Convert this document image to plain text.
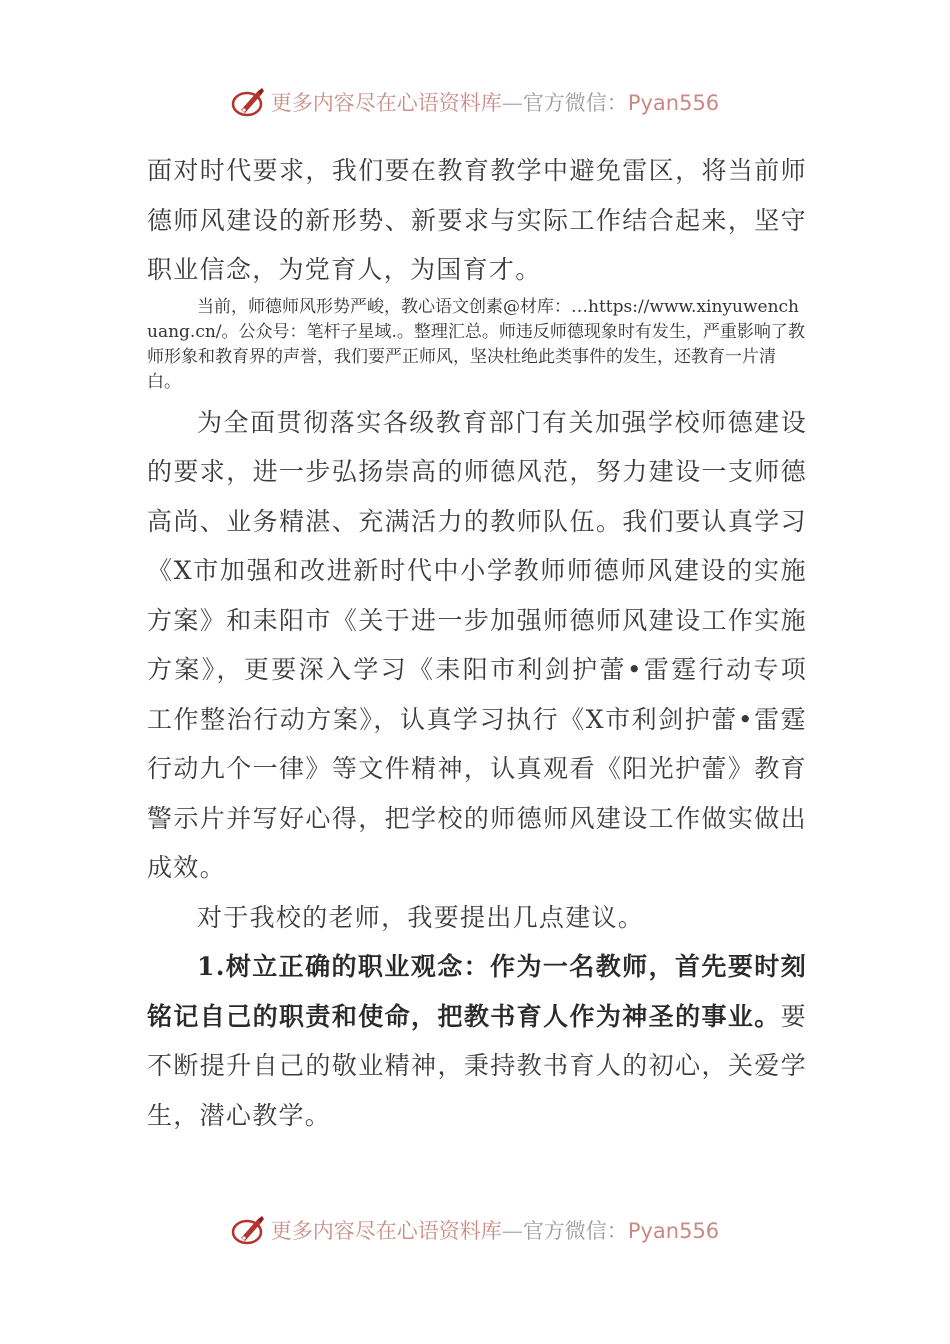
更多内容尽在心语资料库—官方微信：Pyan556

面对时代要求，我们要在教育教学中避免雷区，将当前师德师风建设的新形势、新要求与实际工作结合起来，坚守职业信念，为党育人，为国育才。

当前，师德师风形势严峻，教心语文创素@材库：…https://www.xinyuwenchuang.cn/。公众号：笔杆子星域.。整理汇总。师违反师德现象时有发生，严重影响了教师形象和教育界的声誉，我们要严正师风，坚决杜绝此类事件的发生，还教育一片清白。

为全面贯彻落实各级教育部门有关加强学校师德建设的要求，进一步弘扬崇高的师德风范，努力建设一支师德高尚、业务精湛、充满活力的教师队伍。我们要认真学习《X市加强和改进新时代中小学教师师德师风建设的实施方案》和耒阳市《关于进一步加强师德师风建设工作实施方案》，更要深入学习《耒阳市利剑护蕾•雷霆行动专项工作整治行动方案》，认真学习执行《X市利剑护蕾•雷霆行动九个一律》等文件精神，认真观看《阳光护蕾》教育警示片并写好心得，把学校的师德师风建设工作做实做出成效。

对于我校的老师，我要提出几点建议。

1.树立正确的职业观念：作为一名教师，首先要时刻铭记自己的职责和使命，把教书育人作为神圣的事业。要不断提升自己的敬业精神，秉持教书育人的初心，关爱学生，潜心教学。

更多内容尽在心语资料库—官方微信：Pyan556
